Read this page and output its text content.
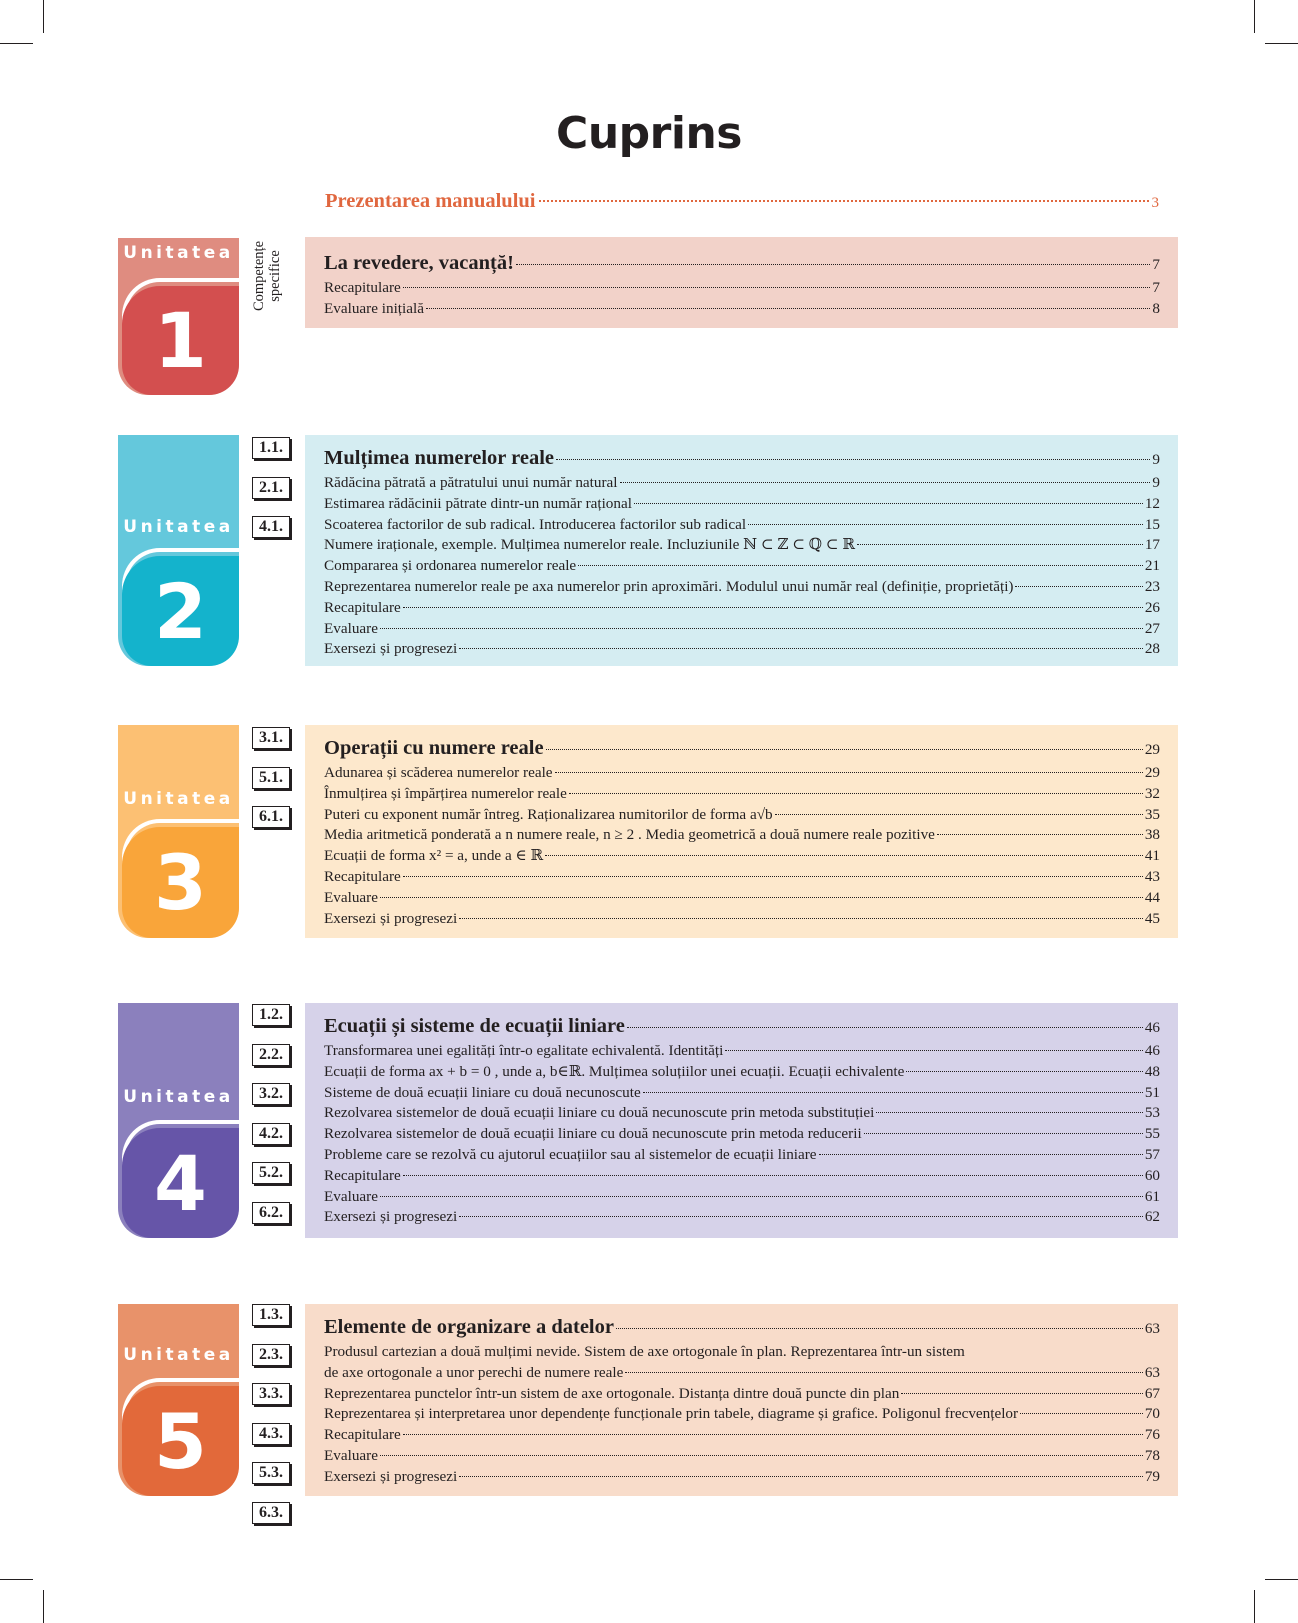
Cuprins
Prezentarea manualului	3
Competențe specifice
Unitatea
1
La revedere, vacanță!	7
Recapitulare	7
Evaluare inițială	8
1.1.
2.1.
4.1.
Unitatea
2
Mulțimea numerelor reale	9
Rădăcina pătrată a pătratului unui număr natural	9
Estimarea rădăcinii pătrate dintr-un număr rațional	12
Scoaterea factorilor de sub radical. Introducerea factorilor sub radical	15
Numere iraționale, exemple. Mulțimea numerelor reale. Incluziunile ℕ ⊂ ℤ ⊂ ℚ ⊂ ℝ	17
Compararea și ordonarea numerelor reale	21
Reprezentarea numerelor reale pe axa numerelor prin aproximări. Modulul unui număr real (definiție, proprietăți)	23
Recapitulare	26
Evaluare	27
Exersezi și progresezi	28
3.1.
5.1.
6.1.
Unitatea
3
Operații cu numere reale	29
Adunarea și scăderea numerelor reale	29
Înmulțirea și împărțirea numerelor reale	32
Puteri cu exponent număr întreg. Raționalizarea numitorilor de forma a√b	35
Media aritmetică ponderată a n numere reale, n ≥ 2 . Media geometrică a două numere reale pozitive	38
Ecuații de forma x² = a, unde a ∈ ℝ	41
Recapitulare	43
Evaluare	44
Exersezi și progresezi	45
1.2.
2.2.
3.2.
4.2.
5.2.
6.2.
Unitatea
4
Ecuații și sisteme de ecuații liniare	46
Transformarea unei egalități într-o egalitate echivalentă. Identități	46
Ecuații de forma ax + b = 0 , unde a, b∈ℝ. Mulțimea soluțiilor unei ecuații. Ecuații echivalente	48
Sisteme de două ecuații liniare cu două necunoscute	51
Rezolvarea sistemelor de două ecuații liniare cu două necunoscute prin metoda substituției	53
Rezolvarea sistemelor de două ecuații liniare cu două necunoscute prin metoda reducerii	55
Probleme care se rezolvă cu ajutorul ecuațiilor sau al sistemelor de ecuații liniare	57
Recapitulare	60
Evaluare	61
Exersezi și progresezi	62
1.3.
2.3.
3.3.
4.3.
5.3.
6.3.
Unitatea
5
Elemente de organizare a datelor	63
Produsul cartezian a două mulțimi nevide. Sistem de axe ortogonale în plan. Reprezentarea într-un sistem
de axe ortogonale a unor perechi de numere reale	63
Reprezentarea punctelor într-un sistem de axe ortogonale. Distanța dintre două puncte din plan	67
Reprezentarea și interpretarea unor dependențe funcționale prin tabele, diagrame și grafice. Poligonul frecvențelor	70
Recapitulare	76
Evaluare	78
Exersezi și progresezi	79
